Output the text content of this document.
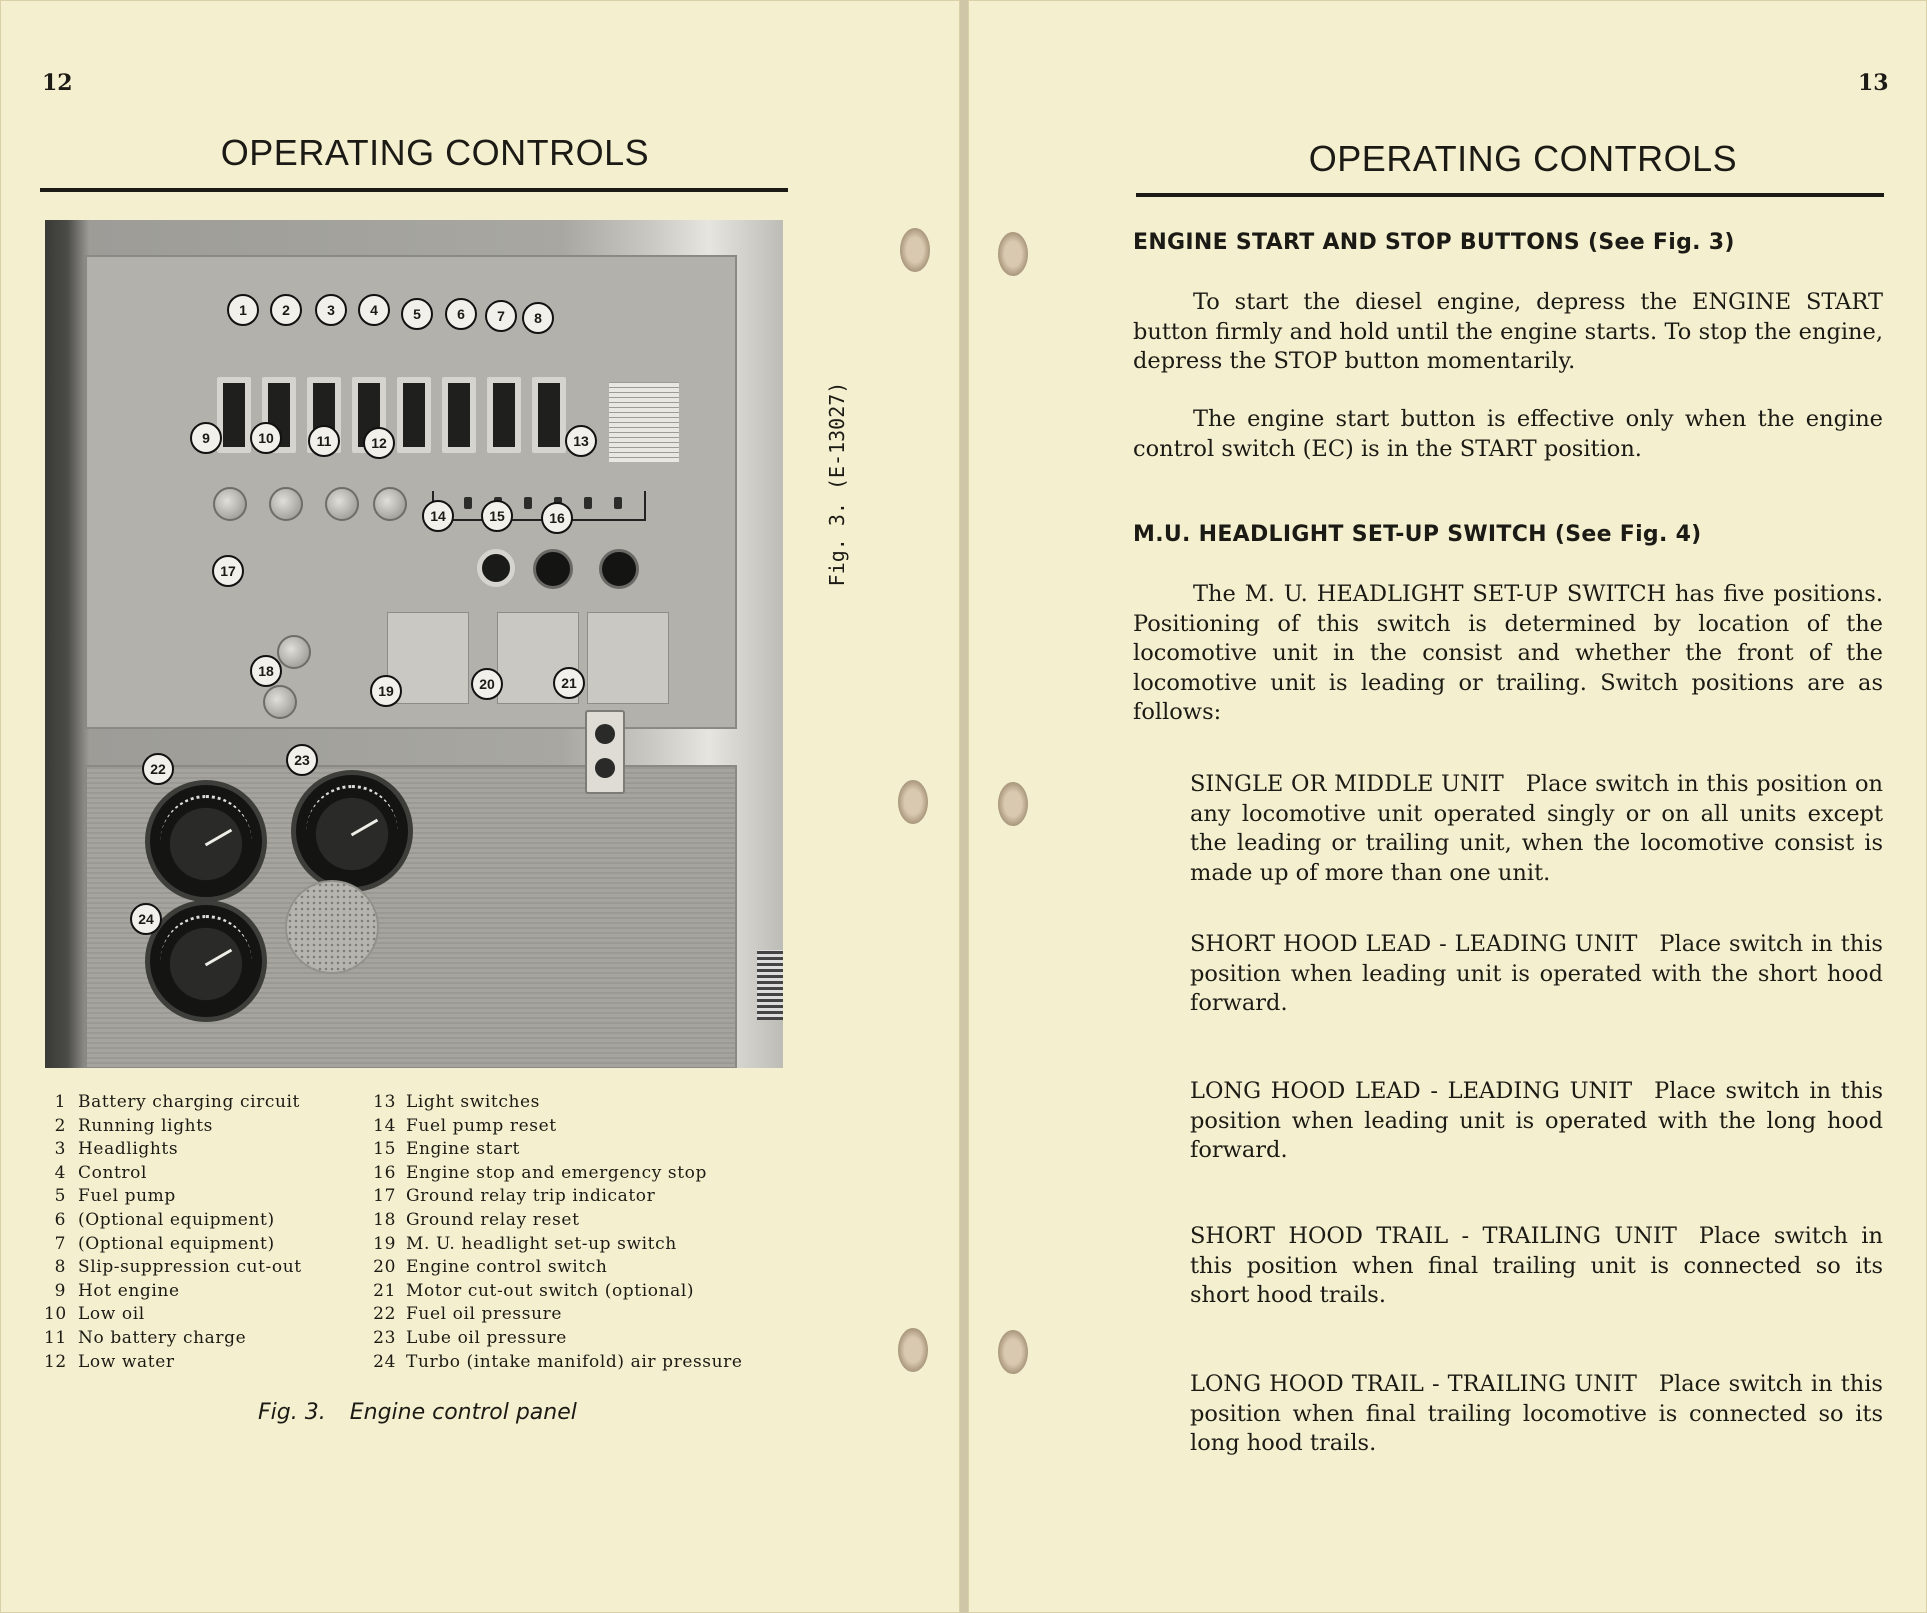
12
OPERATING CONTROLS
1	2	3	4	5	6	7	8
9	10	11	12	13
14	15	16
17
18
19	20	21
22
23
24
Fig. 3. (E-13027)
1 Battery charging circuit
2 Running lights
3 Headlights
4 Control
5 Fuel pump
6 (Optional equipment)
7 (Optional equipment)
8 Slip-suppression cut-out
9 Hot engine
10 Low oil
11 No battery charge
12 Low water
13 Light switches
14 Fuel pump reset
15 Engine start
16 Engine stop and emergency stop
17 Ground relay trip indicator
18 Ground relay reset
19 M. U. headlight set-up switch
20 Engine control switch
21 Motor cut-out switch (optional)
22 Fuel oil pressure
23 Lube oil pressure
24 Turbo (intake manifold) air pressure
Fig. 3. Engine control panel
13
OPERATING CONTROLS
ENGINE START AND STOP BUTTONS (See Fig. 3)

To start the diesel engine, depress the ENGINE START button firmly and hold until the engine starts. To stop the engine, depress the STOP button momentarily.

The engine start button is effective only when the engine control switch (EC) is in the START position.

M.U. HEADLIGHT SET-UP SWITCH (See Fig. 4)

The M. U. HEADLIGHT SET-UP SWITCH has five positions. Positioning of this switch is determined by location of the locomotive unit in the consist and whether the front of the locomotive unit is leading or trailing. Switch positions are as follows:

SINGLE OR MIDDLE UNIT Place switch in this position on any locomotive unit operated singly or on all units except the leading or trailing unit, when the locomotive consist is made up of more than one unit.

SHORT HOOD LEAD - LEADING UNIT Place switch in this position when leading unit is operated with the short hood forward.

LONG HOOD LEAD - LEADING UNIT Place switch in this position when leading unit is operated with the long hood forward.

SHORT HOOD TRAIL - TRAILING UNIT Place switch in this position when final trailing unit is connected so its short hood trails.

LONG HOOD TRAIL - TRAILING UNIT Place switch in this position when final trailing locomotive is connected so its long hood trails.
